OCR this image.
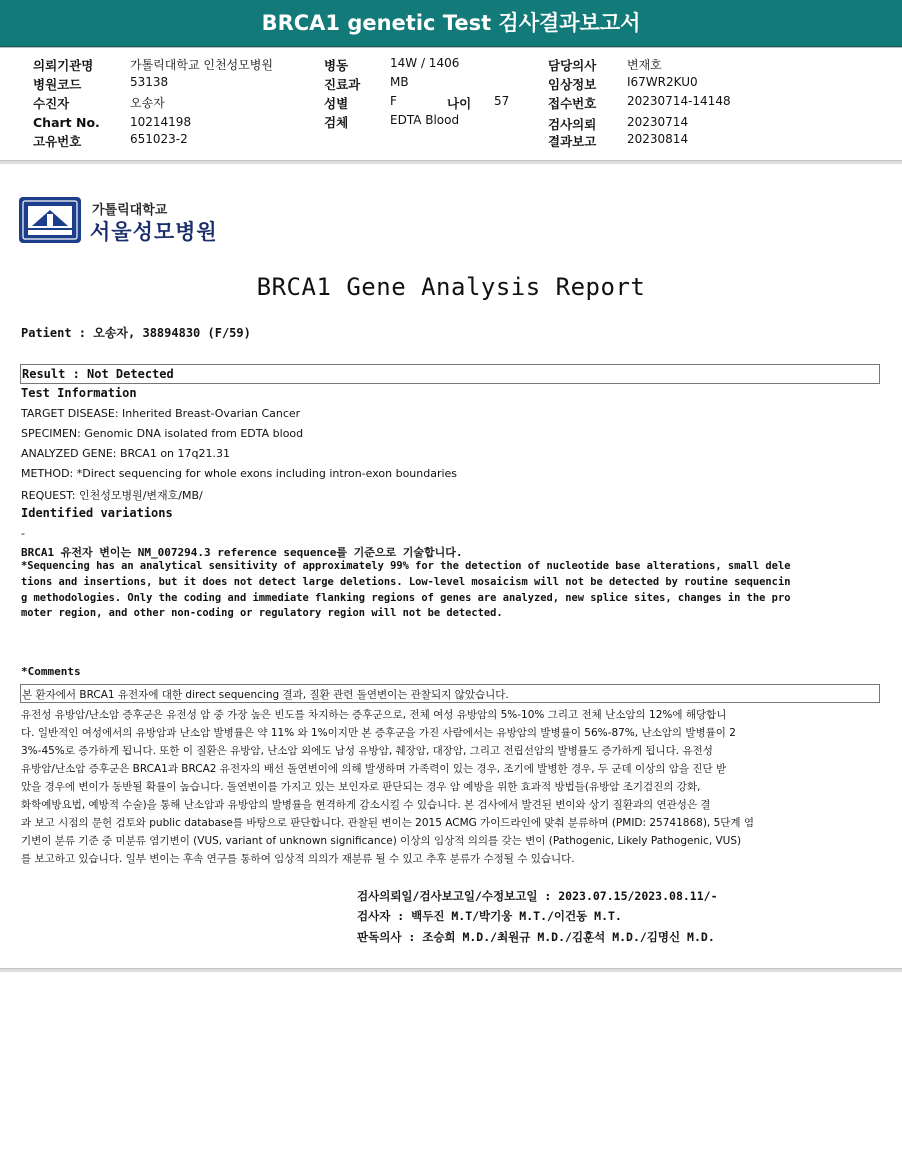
BRCA1 genetic Test 검사결과보고서
의뢰기관명	가톨릭대학교 인천성모병원
병원코드	53138
수진자	오송자
Chart No.	10214198
고유번호	651023-2
병동	14W / 1406
진료과 MB
성별	F	나이 57
검체	EDTA Blood
담당의사	변재호
임상정보	I67WR2KU0
접수번호	20230714-14148
검사의뢰	20230714
결과보고	20230814
가톨릭대학교
서울성모병원
BRCA1 Gene Analysis Report
Patient : 오송자, 38894830 (F/59)
Result : Not Detected
Test Information
TARGET DISEASE: Inherited Breast-Ovarian Cancer
SPECIMEN: Genomic DNA isolated from EDTA blood
ANALYZED GENE: BRCA1 on 17q21.31
METHOD: *Direct sequencing for whole exons including intron-exon boundaries
REQUEST: 인천성모병원/변재호/MB/
Identified variations
-
BRCA1 유전자 변이는 NM_007294.3 reference sequence를 기준으로 기술합니다.
*Sequencing has an analytical sensitivity of approximately 99% for the detection of nucleotide base alterations, small dele
tions and insertions, but it does not detect large deletions. Low-level mosaicism will not be detected by routine sequencin
g methodologies. Only the coding and immediate flanking regions of genes are analyzed, new splice sites, changes in the pro
moter region, and other non-coding or regulatory region will not be detected.
*Comments
본 환자에서 BRCA1 유전자에 대한 direct sequencing 결과, 질환 관련 돌연변이는 관찰되지 않았습니다.
유전성 유방암/난소암 증후군은 유전성 암 중 가장 높은 빈도를 차지하는 증후군으로, 전체 여성 유방암의 5%-10% 그리고 전체 난소암의 12%에 해당합니
다. 일반적인 여성에서의 유방암과 난소암 발병률은 약 11% 와 1%이지만 본 증후군을 가진 사람에서는 유방암의 발병률이 56%-87%, 난소암의 발병률이 2
3%-45%로 증가하게 됩니다. 또한 이 질환은 유방암, 난소암 외에도 남성 유방암, 췌장암, 대장암, 그리고 전립선암의 발병률도 증가하게 됩니다. 유전성
유방암/난소암 증후군은 BRCA1과 BRCA2 유전자의 배선 돌연변이에 의해 발생하며 가족력이 있는 경우, 조기에 발병한 경우, 두 군데 이상의 암을 진단 받
았을 경우에 변이가 동반될 확률이 높습니다. 돌연변이를 가지고 있는 보인자로 판단되는 경우 암 예방을 위한 효과적 방법들(유방암 조기검진의 강화,
화학예방요법, 예방적 수술)을 통해 난소암과 유방암의 발병률을 현격하게 감소시킬 수 있습니다. 본 검사에서 발견된 변이와 상기 질환과의 연관성은 결
과 보고 시점의 문헌 검토와 public database를 바탕으로 판단합니다. 관찰된 변이는 2015 ACMG 가이드라인에 맞춰 분류하며 (PMID: 25741868), 5단계 염
기변이 분류 기준 중 미분류 염기변이 (VUS, variant of unknown significance) 이상의 임상적 의의를 갖는 변이 (Pathogenic, Likely Pathogenic, VUS)
를 보고하고 있습니다. 일부 변이는 후속 연구를 통하여 임상적 의의가 재분류 될 수 있고 추후 분류가 수정될 수 있습니다.
검사의뢰일/검사보고일/수정보고일 : 2023.07.15/2023.08.11/-
검사자 : 백두진 M.T/박기웅 M.T./이건동 M.T.
판독의사 : 조승희 M.D./최원규 M.D./김훈석 M.D./김명신 M.D.
